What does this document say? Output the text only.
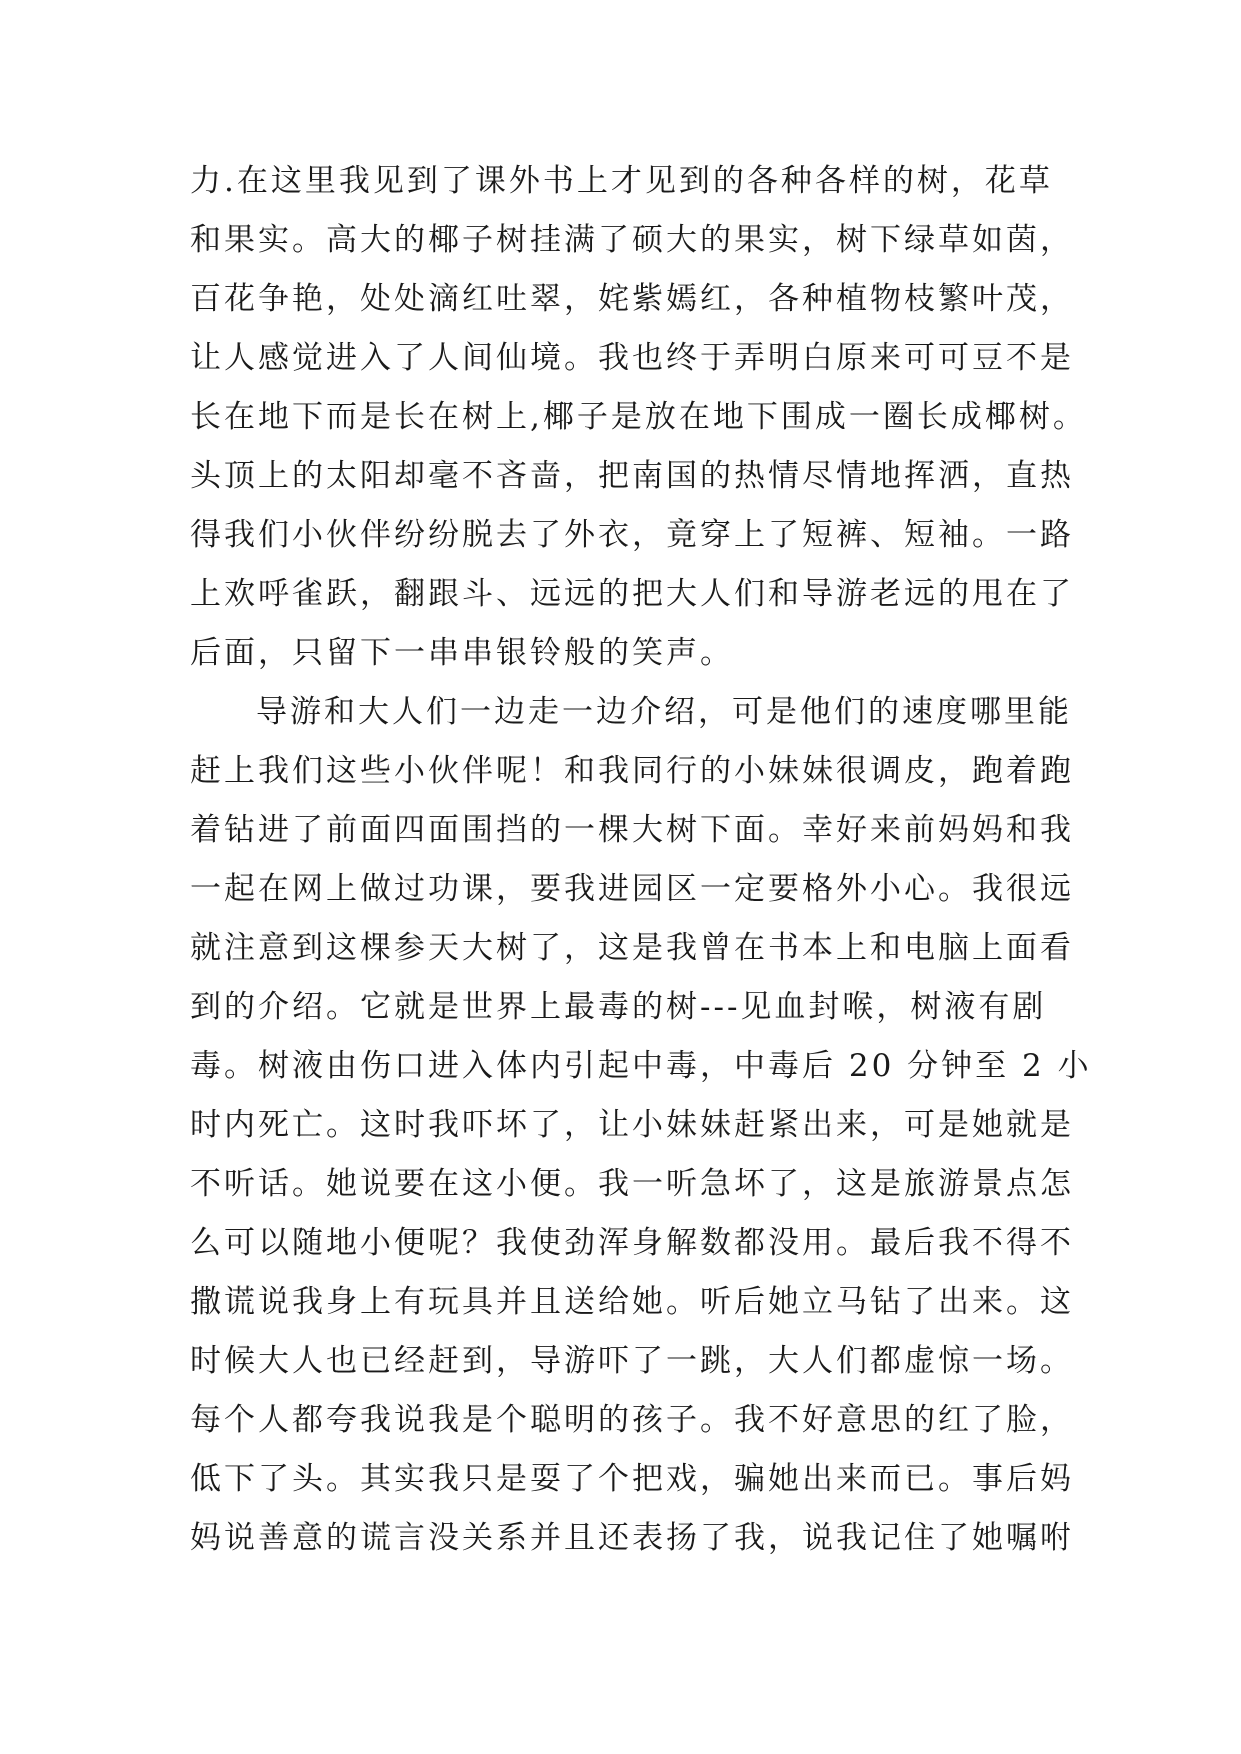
力.在这里我见到了课外书上才见到的各种各样的树，花草
和果实。高大的椰子树挂满了硕大的果实，树下绿草如茵，
百花争艳，处处滴红吐翠，姹紫嫣红，各种植物枝繁叶茂，
让人感觉进入了人间仙境。我也终于弄明白原来可可豆不是
长在地下而是长在树上,椰子是放在地下围成一圈长成椰树。
头顶上的太阳却毫不吝啬，把南国的热情尽情地挥洒，直热
得我们小伙伴纷纷脱去了外衣，竟穿上了短裤、短袖。一路
上欢呼雀跃，翻跟斗、远远的把大人们和导游老远的甩在了
后面，只留下一串串银铃般的笑声。
导游和大人们一边走一边介绍，可是他们的速度哪里能
赶上我们这些小伙伴呢！和我同行的小妹妹很调皮，跑着跑
着钻进了前面四面围挡的一棵大树下面。幸好来前妈妈和我
一起在网上做过功课，要我进园区一定要格外小心。我很远
就注意到这棵参天大树了，这是我曾在书本上和电脑上面看
到的介绍。它就是世界上最毒的树---见血封喉，树液有剧
毒。树液由伤口进入体内引起中毒，中毒后 20 分钟至 2 小
时内死亡。这时我吓坏了，让小妹妹赶紧出来，可是她就是
不听话。她说要在这小便。我一听急坏了，这是旅游景点怎
么可以随地小便呢？我使劲浑身解数都没用。最后我不得不
撒谎说我身上有玩具并且送给她。听后她立马钻了出来。这
时候大人也已经赶到，导游吓了一跳，大人们都虚惊一场。
每个人都夸我说我是个聪明的孩子。我不好意思的红了脸，
低下了头。其实我只是耍了个把戏，骗她出来而已。事后妈
妈说善意的谎言没关系并且还表扬了我，说我记住了她嘱咐
